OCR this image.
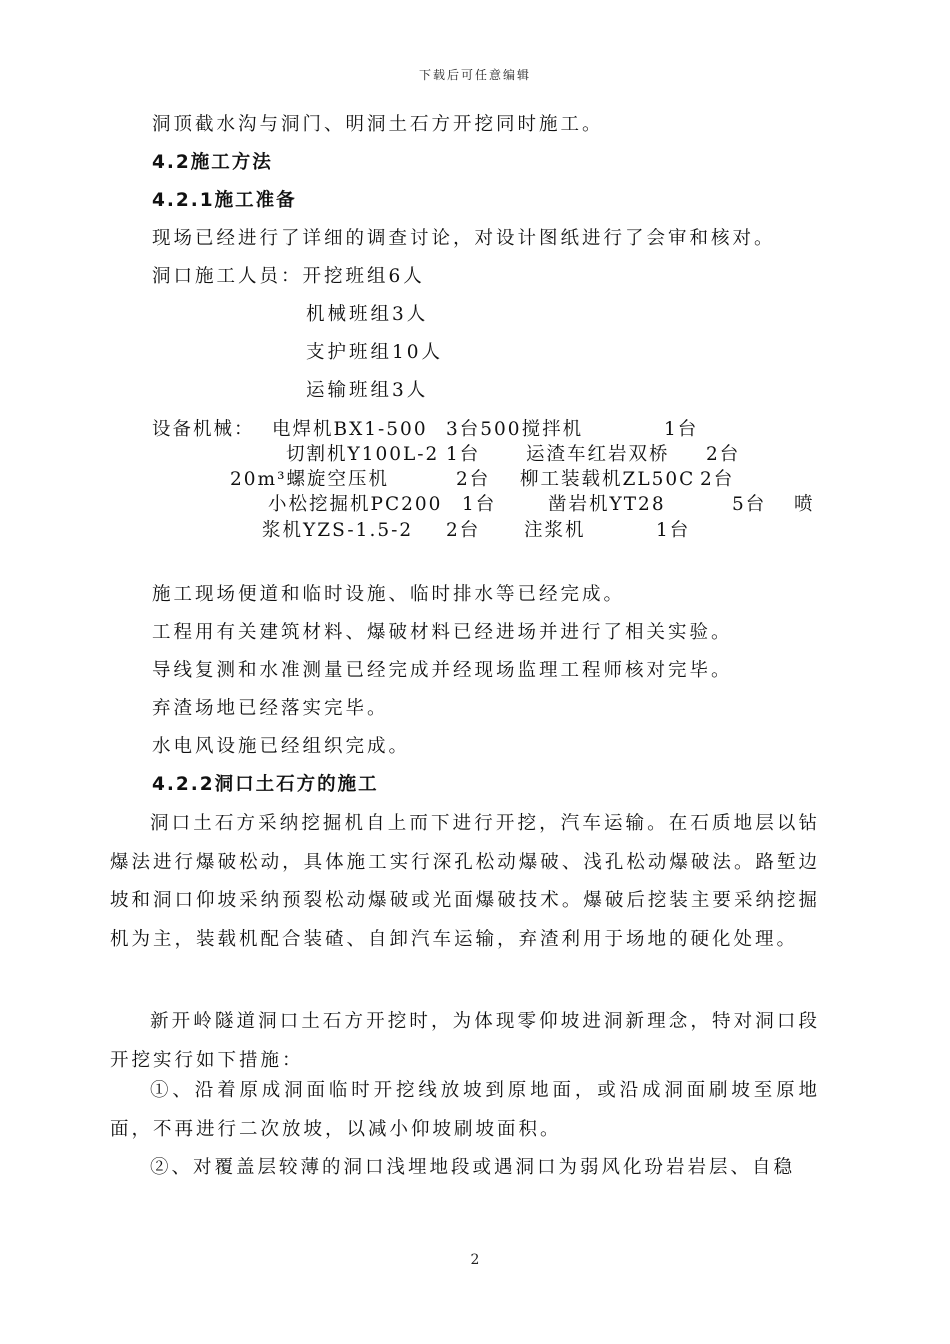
下载后可任意编辑
洞顶截水沟与洞门、明洞土石方开挖同时施工。
4.2施工方法
4.2.1施工准备
现场已经进行了详细的调查讨论，对设计图纸进行了会审和核对。
洞口施工人员：开挖班组6人
机械班组3人
支护班组10人
运输班组3人
设备机械： 电焊机BX1-500 3台500搅拌机	1台
切割机Y100L-2 1台 运渣车红岩双桥 2台
20m³螺旋空压机	2台 柳工装载机ZL50C 2台
小松挖掘机PC200 1台	凿岩机YT28	5台 喷
浆机YZS-1.5-2 2台 注浆机	1台
施工现场便道和临时设施、临时排水等已经完成。
工程用有关建筑材料、爆破材料已经进场并进行了相关实验。
导线复测和水准测量已经完成并经现场监理工程师核对完毕。
弃渣场地已经落实完毕。
水电风设施已经组织完成。
4.2.2洞口土石方的施工
洞口土石方采纳挖掘机自上而下进行开挖，汽车运输。在石质地层以钻爆法进行爆破松动，具体施工实行深孔松动爆破、浅孔松动爆破法。路堑边坡和洞口仰坡采纳预裂松动爆破或光面爆破技术。爆破后挖装主要采纳挖掘机为主，装载机配合装碴、自卸汽车运输，弃渣利用于场地的硬化处理。
新开岭隧道洞口土石方开挖时，为体现零仰坡进洞新理念，特对洞口段开挖实行如下措施：
①、沿着原成洞面临时开挖线放坡到原地面，或沿成洞面刷坡至原地面，不再进行二次放坡，以减小仰坡刷坡面积。
②、对覆盖层较薄的洞口浅埋地段或遇洞口为弱风化玢岩岩层、自稳
2
